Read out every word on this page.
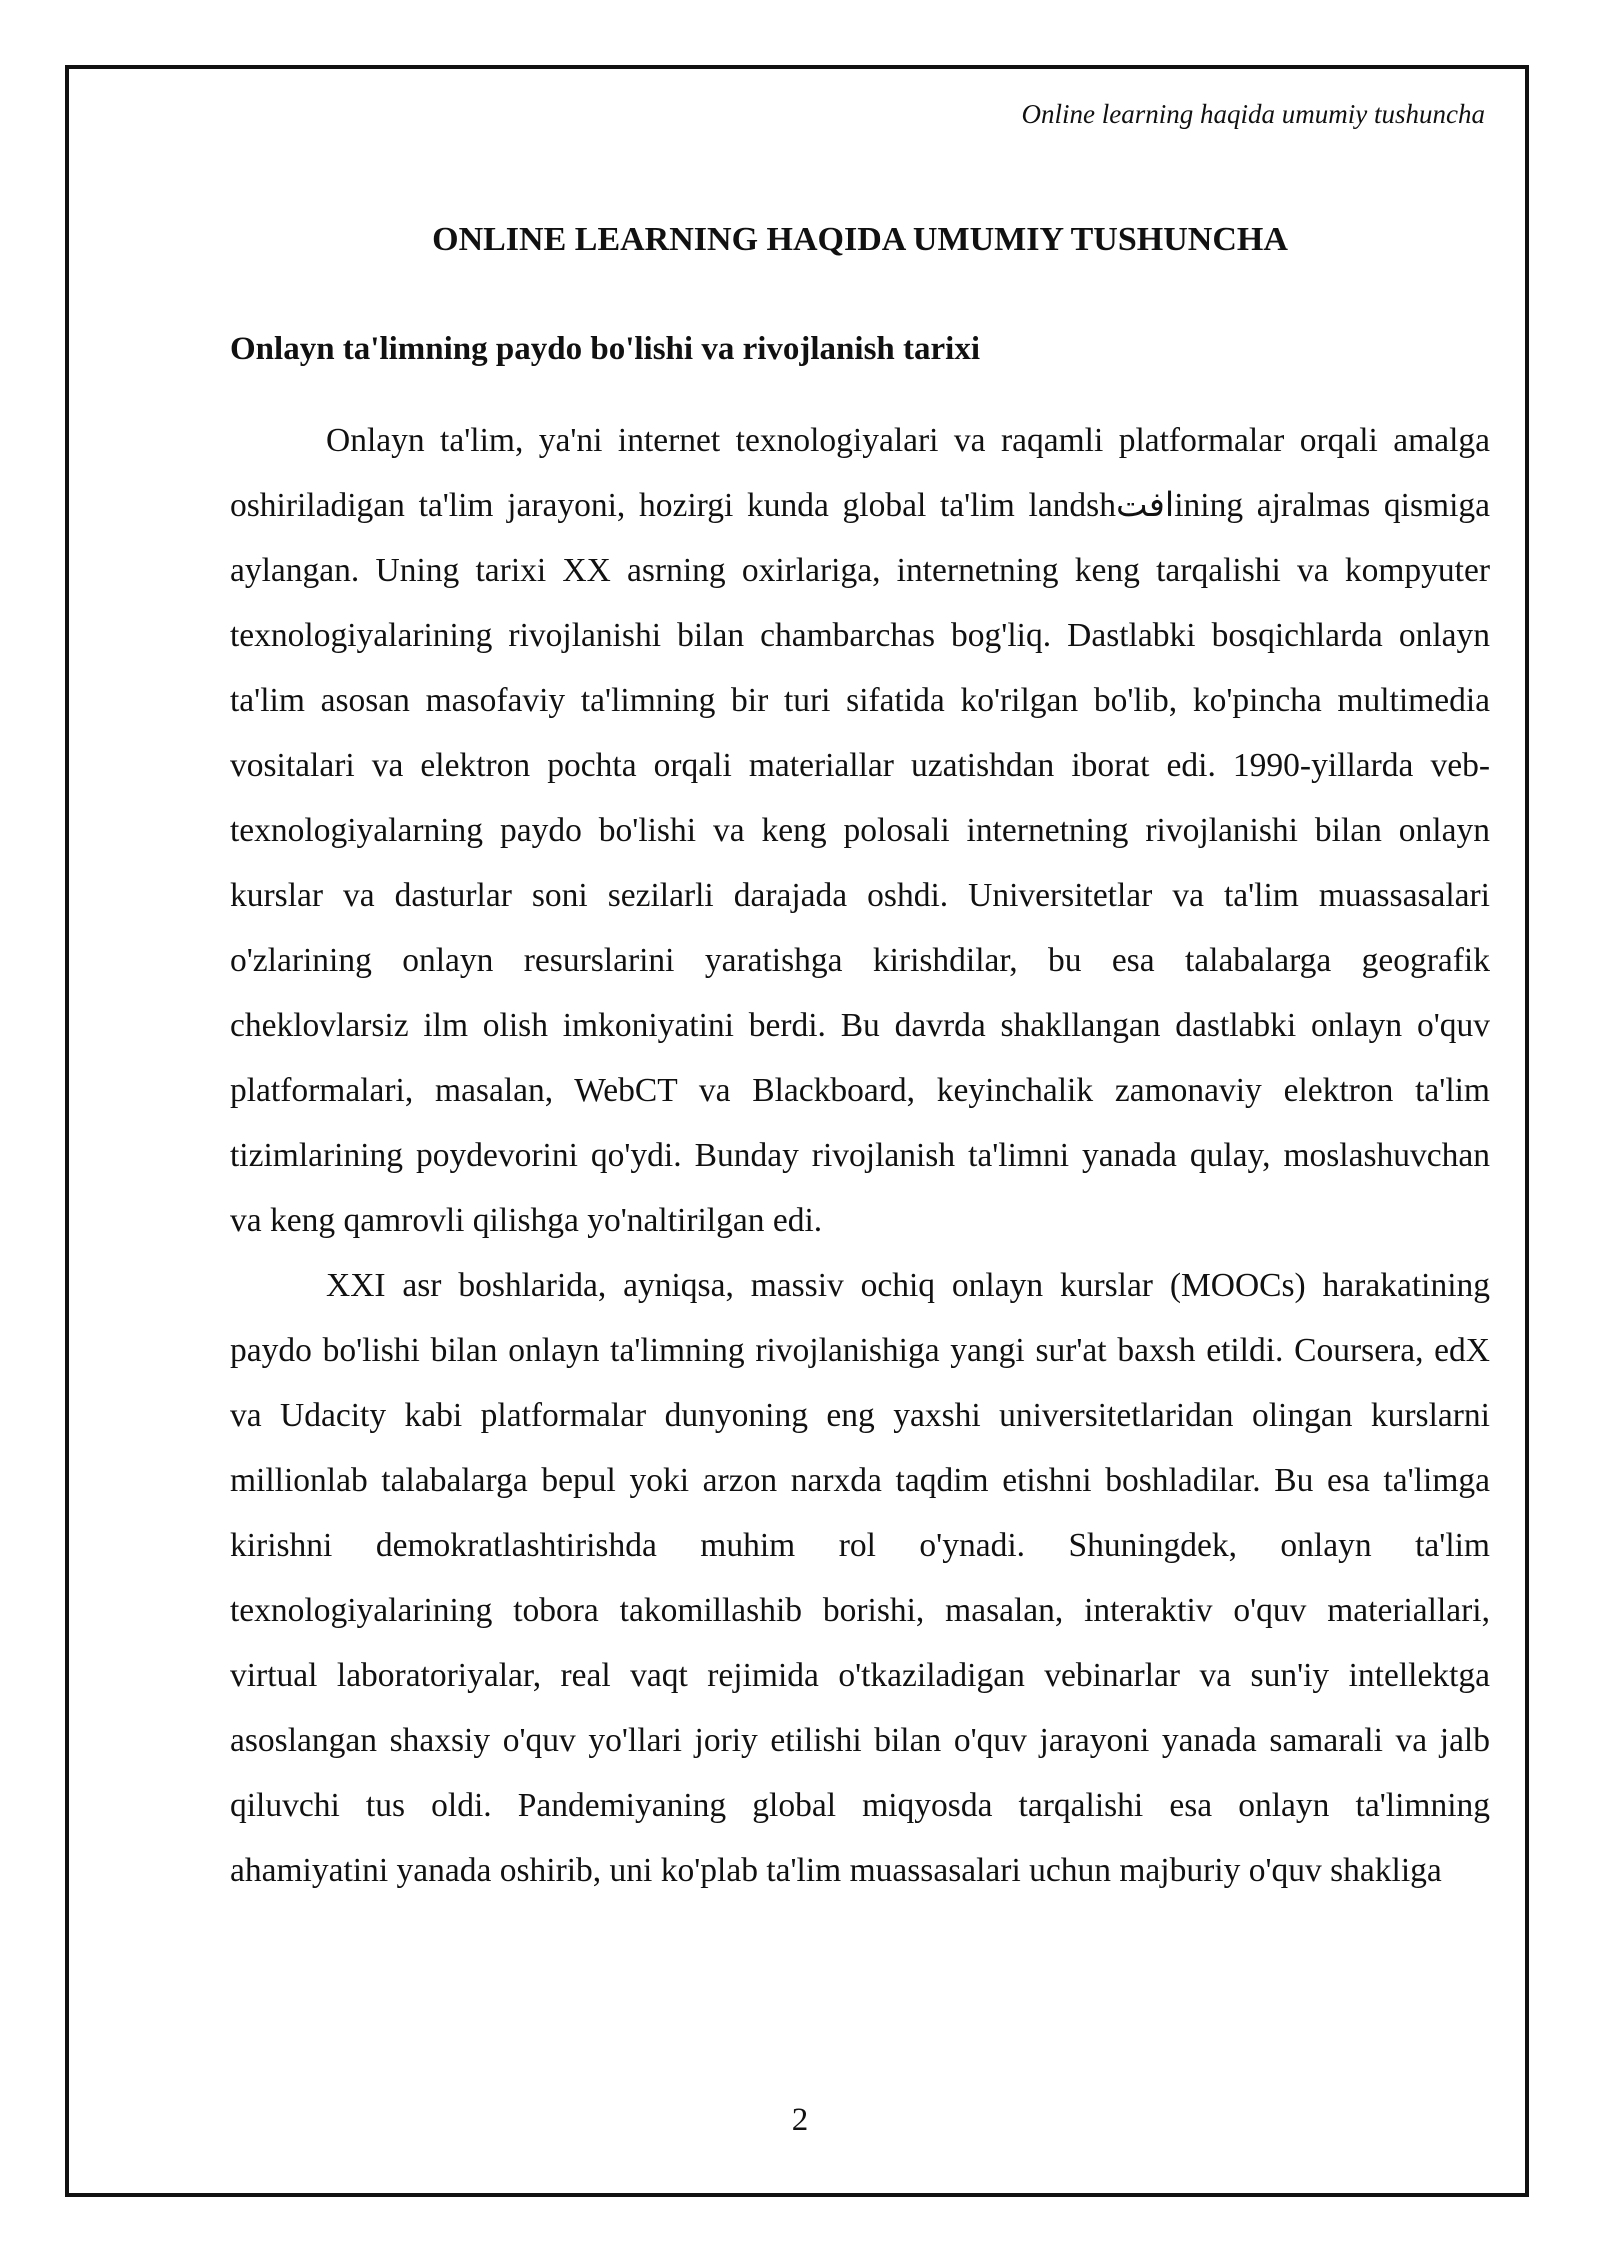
Online learning haqida umumiy tushuncha
ONLINE LEARNING HAQIDA UMUMIY TUSHUNCHA
Onlayn ta'limning paydo bo'lishi va rivojlanish tarixi

Onlayn ta'lim, ya'ni internet texnologiyalari va raqamli platformalar orqali amalga oshiriladigan ta'lim jarayoni, hozirgi kunda global ta'lim landshافتining ajralmas qismiga aylangan. Uning tarixi XX asrning oxirlariga, internetning keng tarqalishi va kompyuter texnologiyalarining rivojlanishi bilan chambarchas bog'liq. Dastlabki bosqichlarda onlayn ta'lim asosan masofaviy ta'limning bir turi sifatida ko'rilgan bo'lib, ko'pincha multimedia vositalari va elektron pochta orqali materiallar uzatishdan iborat edi. 1990-yillarda veb-texnologiyalarning paydo bo'lishi va keng polosali internetning rivojlanishi bilan onlayn kurslar va dasturlar soni sezilarli darajada oshdi. Universitetlar va ta'lim muassasalari o'zlarining onlayn resurslarini yaratishga kirishdilar, bu esa talabalarga geografik cheklovlarsiz ilm olish imkoniyatini berdi. Bu davrda shakllangan dastlabki onlayn o'quv platformalari, masalan, WebCT va Blackboard, keyinchalik zamonaviy elektron ta'lim tizimlarining poydevorini qo'ydi. Bunday rivojlanish ta'limni yanada qulay, moslashuvchan va keng qamrovli qilishga yo'naltirilgan edi.

XXI asr boshlarida, ayniqsa, massiv ochiq onlayn kurslar (MOOCs) harakatining paydo bo'lishi bilan onlayn ta'limning rivojlanishiga yangi sur'at baxsh etildi. Coursera, edX va Udacity kabi platformalar dunyoning eng yaxshi universitetlaridan olingan kurslarni millionlab talabalarga bepul yoki arzon narxda taqdim etishni boshladilar. Bu esa ta'limga kirishni demokratlashtirishda muhim rol o'ynadi. Shuningdek, onlayn ta'lim texnologiyalarining tobora takomillashib borishi, masalan, interaktiv o'quv materiallari, virtual laboratoriyalar, real vaqt rejimida o'tkaziladigan vebinarlar va sun'iy intellektga asoslangan shaxsiy o'quv yo'llari joriy etilishi bilan o'quv jarayoni yanada samarali va jalb qiluvchi tus oldi. Pandemiyaning global miqyosda tarqalishi esa onlayn ta'limning ahamiyatini yanada oshirib, uni ko'plab ta'lim muassasalari uchun majburiy o'quv shakliga

2
